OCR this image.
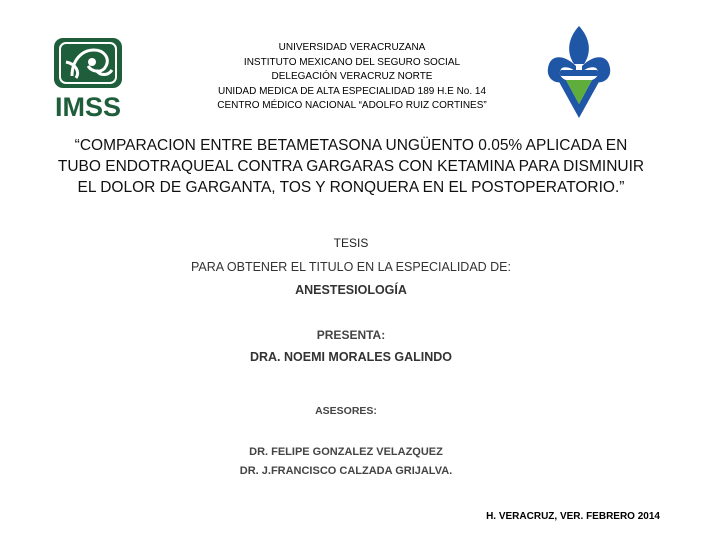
IMSS
UNIVERSIDAD VERACRUZANA
INSTITUTO MEXICANO DEL SEGURO SOCIAL
DELEGACIÓN VERACRUZ NORTE
UNIDAD MEDICA DE ALTA ESPECIALIDAD 189 H.E No. 14
CENTRO MÉDICO NACIONAL “ADOLFO RUIZ CORTINES”
“COMPARACION ENTRE BETAMETASONA UNGÜENTO 0.05% APLICADA EN
TUBO ENDOTRAQUEAL CONTRA GARGARAS CON KETAMINA PARA DISMINUIR
EL DOLOR DE GARGANTA, TOS Y RONQUERA EN EL POSTOPERATORIO.”
TESIS
PARA OBTENER EL TITULO EN LA ESPECIALIDAD DE:
ANESTESIOLOGÍA
PRESENTA:
DRA. NOEMI MORALES GALINDO
ASESORES:
DR. FELIPE GONZALEZ VELAZQUEZ
DR. J.FRANCISCO CALZADA GRIJALVA.
H. VERACRUZ, VER. FEBRERO 2014
